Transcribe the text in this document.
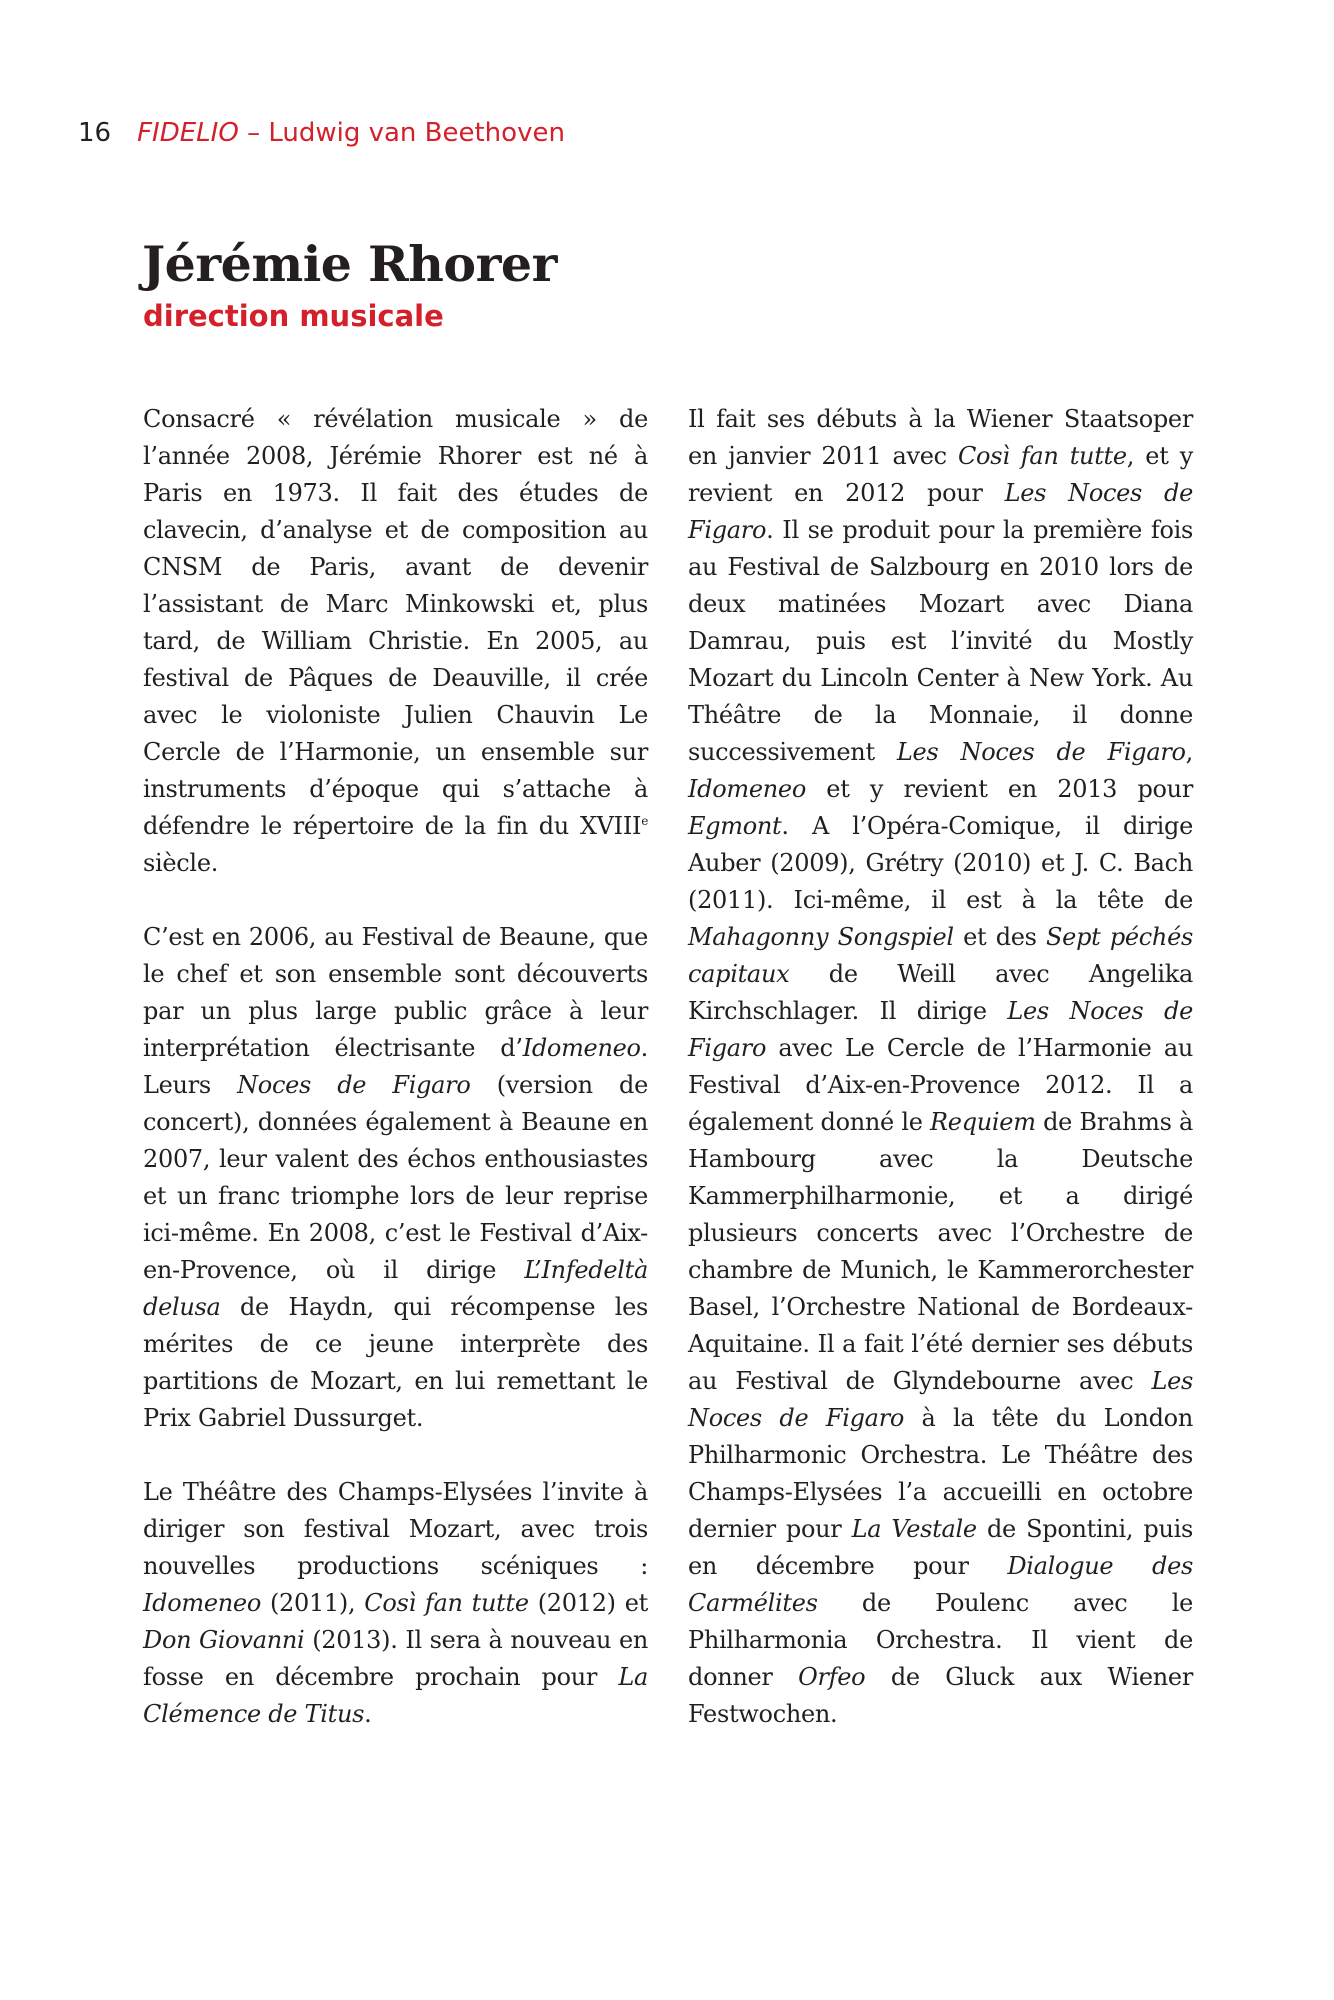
16 FIDELIO – Ludwig van Beethoven
Jérémie Rhorer
direction musicale

Consacré « révélation musicale » de l’année 2008, Jérémie Rhorer est né à Paris en 1973. Il fait des études de clavecin, d’analyse et de composition au CNSM de Paris, avant de devenir l’assistant de Marc Minkowski et, plus tard, de William Christie. En 2005, au festival de Pâques de Deauville, il crée avec le violoniste Julien Chauvin Le Cercle de l’Harmonie, un ensemble sur instruments d’époque qui s’attache à défendre le répertoire de la fin du XVIIIe siècle.

C’est en 2006, au Festival de Beaune, que le chef et son ensemble sont découverts par un plus large public grâce à leur interprétation électrisante d’Idomeneo. Leurs Noces de Figaro (version de concert), données également à Beaune en 2007, leur valent des échos enthousiastes et un franc triomphe lors de leur reprise ici-même. En 2008, c’est le Festival d’Aix-en-Provence, où il dirige L’Infedeltà delusa de Haydn, qui récompense les mérites de ce jeune interprète des partitions de Mozart, en lui remettant le Prix Gabriel Dussurget.

Le Théâtre des Champs-Elysées l’invite à diriger son festival Mozart, avec trois nouvelles productions scéniques : Idomeneo (2011), Così fan tutte (2012) et Don Giovanni (2013). Il sera à nouveau en fosse en décembre prochain pour La Clémence de Titus.

Il fait ses débuts à la Wiener Staatsoper en janvier 2011 avec Così fan tutte, et y revient en 2012 pour Les Noces de Figaro. Il se produit pour la première fois au Festival de Salzbourg en 2010 lors de deux matinées Mozart avec Diana Damrau, puis est l’invité du Mostly Mozart du Lincoln Center à New York. Au Théâtre de la Monnaie, il donne successivement Les Noces de Figaro, Idomeneo et y revient en 2013 pour Egmont. A l’Opéra-Comique, il dirige Auber (2009), Grétry (2010) et J. C. Bach (2011). Ici-même, il est à la tête de Mahagonny Songspiel et des Sept péchés capitaux de Weill avec Angelika Kirchschlager. Il dirige Les Noces de Figaro avec Le Cercle de l’Harmonie au Festival d’Aix-en-Provence 2012. Il a également donné le Requiem de Brahms à Hambourg avec la Deutsche Kammerphilharmonie, et a dirigé plusieurs concerts avec l’Orchestre de chambre de Munich, le Kammerorchester Basel, l’Orchestre National de Bordeaux-Aquitaine. Il a fait l’été dernier ses débuts au Festival de Glyndebourne avec Les Noces de Figaro à la tête du London Philharmonic Orchestra. Le Théâtre des Champs-Elysées l’a accueilli en octobre dernier pour La Vestale de Spontini, puis en décembre pour Dialogue des Carmélites de Poulenc avec le Philharmonia Orchestra. Il vient de donner Orfeo de Gluck aux Wiener Festwochen.
